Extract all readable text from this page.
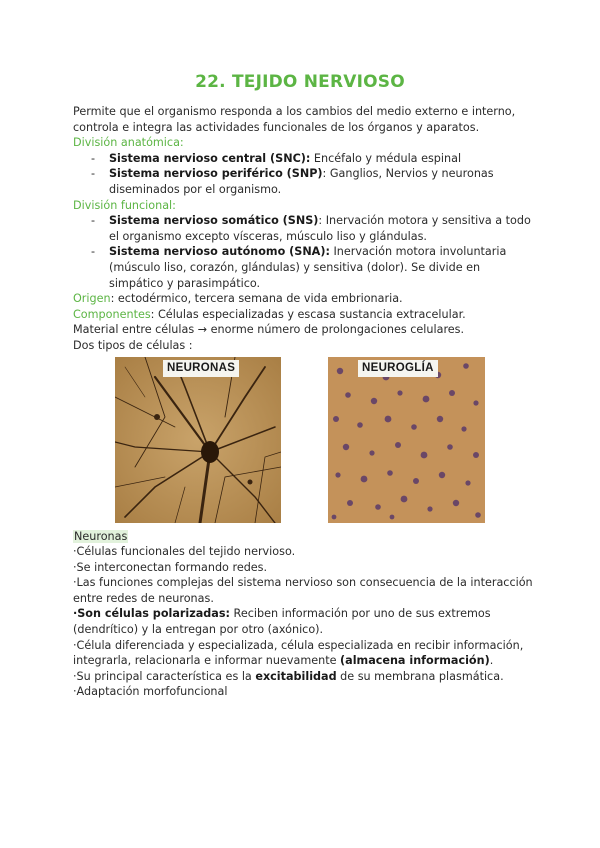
22. TEJIDO NERVIOSO

Permite que el organismo responda a los cambios del medio externo e interno, controla e integra las actividades funcionales de los órganos y aparatos.

División anatómica:

- Sistema nervioso central (SNC): Encéfalo y médula espinal
- Sistema nervioso periférico (SNP): Ganglios, Nervios y neuronas diseminados por el organismo.

División funcional:

- Sistema nervioso somático (SNS): Inervación motora y sensitiva a todo el organismo excepto vísceras, músculo liso y glándulas.
- Sistema nervioso autónomo (SNA): Inervación motora involuntaria (músculo liso, corazón, glándulas) y sensitiva (dolor). Se divide en simpático y parasimpático.

Origen: ectodérmico, tercera semana de vida embrionaria.

Componentes: Células especializadas y escasa sustancia extracelular.

Material entre células → enorme número de prolongaciones celulares.

Dos tipos de células :

NEURONAS	NEUROGLÍA

Neuronas

·Células funcionales del tejido nervioso.

·Se interconectan formando redes.

·Las funciones complejas del sistema nervioso son consecuencia de la interacción entre redes de neuronas.

·Son células polarizadas: Reciben información por uno de sus extremos (dendrítico) y la entregan por otro (axónico).

·Célula diferenciada y especializada, célula especializada en recibir información, integrarla, relacionarla e informar nuevamente (almacena información).

·Su principal característica es la excitabilidad de su membrana plasmática.

·Adaptación morfofuncional
